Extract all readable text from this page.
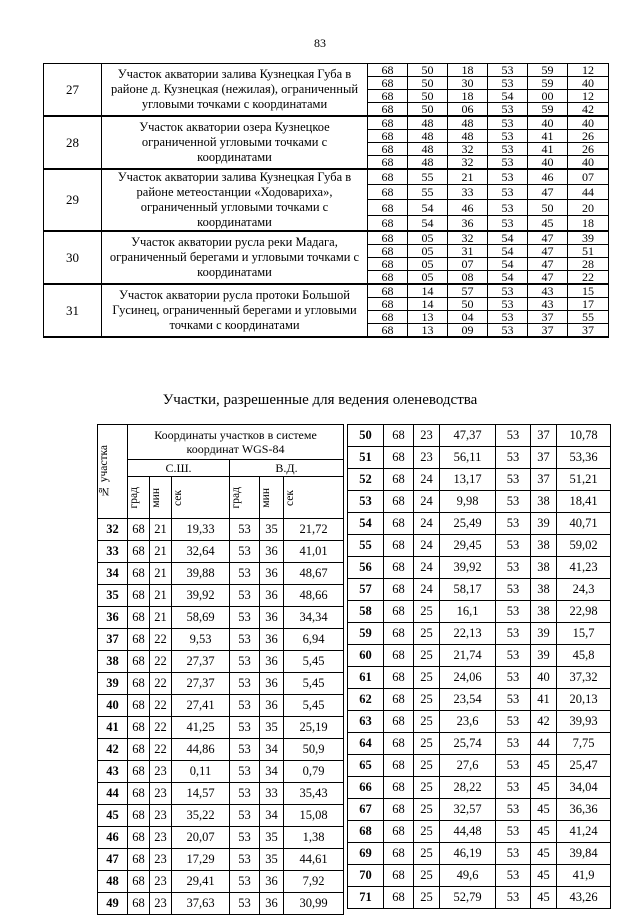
83
27	Участок акватории залива Кузнецкая Губа в районе д. Кузнецкая (нежилая), ограниченный угловыми точками с координатами	68	50	18	53	59	12
		68	50	30	53	59	40
		68	50	18	54	00	12
		68	50	06	53	59	42
28	Участок акватории озера Кузнецкое ограниченной угловыми точками с координатами	68	48	48	53	40	40
		68	48	48	53	41	26
		68	48	32	53	41	26
		68	48	32	53	40	40
29	Участок акватории залива Кузнецкая Губа в районе метеостанции «Ходовариха», ограниченный угловыми точками с координатами	68	55	21	53	46	07
		68	55	33	53	47	44
		68	54	46	53	50	20
		68	54	36	53	45	18
30	Участок акватории русла реки Мадага, ограниченный берегами и угловыми точками с координатами	68	05	32	54	47	39
		68	05	31	54	47	51
		68	05	07	54	47	28
		68	05	08	54	47	22
31	Участок акватории русла протоки Большой Гусинец, ограниченный берегами и угловыми точками с координатами	68	14	57	53	43	15
		68	14	50	53	43	17
		68	13	04	53	37	55
		68	13	09	53	37	37
Участки, разрешенные для ведения оленеводства
№ участка	Координаты участков в системе координат WGS-84					
	С.Ш.			В.Д.		

	град	мин	сек	град	мин	сек

32	68	21	19,33	53	35	21,72
33	68	21	32,64	53	36	41,01
34	68	21	39,88	53	36	48,67
35	68	21	39,92	53	36	48,66
36	68	21	58,69	53	36	34,34
37	68	22	9,53	53	36	6,94
38	68	22	27,37	53	36	5,45
39	68	22	27,37	53	36	5,45
40	68	22	27,41	53	36	5,45
41	68	22	41,25	53	35	25,19
42	68	22	44,86	53	34	50,9
43	68	23	0,11	53	34	0,79
44	68	23	14,57	53	33	35,43
45	68	23	35,22	53	34	15,08
46	68	23	20,07	53	35	1,38
47	68	23	17,29	53	35	44,61
48	68	23	29,41	53	36	7,92
49	68	23	37,63	53	36	30,99
50	68	23	47,37	53	37	10,78
51	68	23	56,11	53	37	53,36
52	68	24	13,17	53	37	51,21
53	68	24	9,98	53	38	18,41
54	68	24	25,49	53	39	40,71
55	68	24	29,45	53	38	59,02
56	68	24	39,92	53	38	41,23
57	68	24	58,17	53	38	24,3
58	68	25	16,1	53	38	22,98
59	68	25	22,13	53	39	15,7
60	68	25	21,74	53	39	45,8
61	68	25	24,06	53	40	37,32
62	68	25	23,54	53	41	20,13
63	68	25	23,6	53	42	39,93
64	68	25	25,74	53	44	7,75
65	68	25	27,6	53	45	25,47
66	68	25	28,22	53	45	34,04
67	68	25	32,57	53	45	36,36
68	68	25	44,48	53	45	41,24
69	68	25	46,19	53	45	39,84
70	68	25	49,6	53	45	41,9
71	68	25	52,79	53	45	43,26
